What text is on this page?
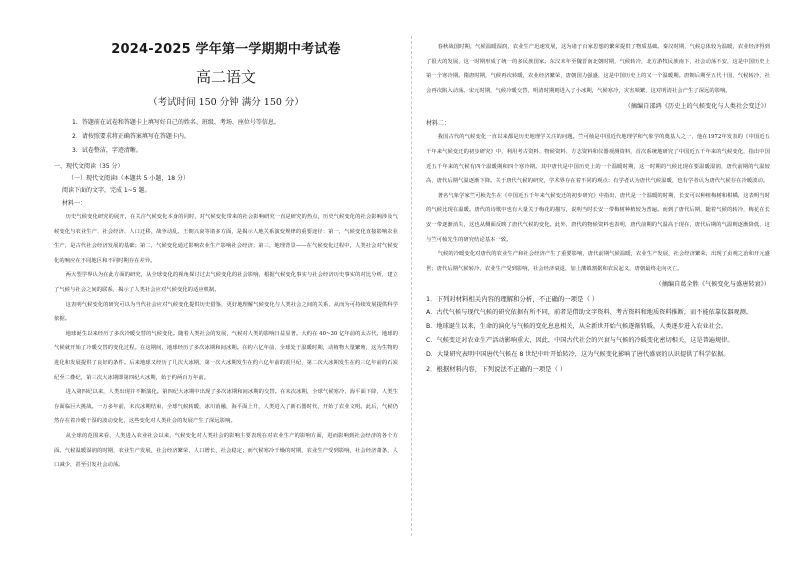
2024-2025 学年第一学期期中考试卷
高二语文
（考试时间 150 分钟 满分 150 分）
1．答题前在试卷和答题卡上填写好自己的姓名、班级、考场、座位号等信息。
2．请按照要求将正确答案填写在答题卡内。
3．试卷整洁，字迹清晰。
一、现代文阅读（35 分）
（一）现代文阅读Ⅰ（本题共 5 小题，18 分）
阅读下面的文字，完成 1~5 题。
材料一：

历史气候变化研究的展开，在关注气候变化本身的同时，对气候变化带来的社会影响研究一直是研究的热点，历史气候变化的社会影响涉及气候变化与农业生产、社会经济、人口迁移、战争动乱、王朝兴衰等诸多方面，是揭示人地关系演变规律的重要途径：第一，气候变化直接影响农业生产，是古代社会经济发展的基础；第二，气候变化通过影响农业生产影响社会经济；第三，地理背景——在气候变化过程中，人类社会对气候变化的响应在不同地区和不同时期存在差异。

两大型学界认为在此方面的研究，从全球变化的视角探讨过去气候变化的社会影响，根据气候变化事实与社会经济历史事实的对比分析，建立了气候与社会之间的联系，揭示了人类社会应对气候变化的适应机制。

这表明气候变化的研究可以为当代社会应对气候变化提供历史借鉴，更好地理解气候变化与人类社会之间的关系，从而为可持续发展提供科学依据。

地球诞生以来经历了多次冷暖交替的气候变化。随着人类社会的发展，气候对人类的影响日益显著。大约在 40~30 亿年前的太古代，地球的气候就开始了冷暖交替的变化过程。在这期间，地球经历了多次冰期和间冰期。在约六亿年前，全球处于温暖时期，动植物大量繁殖，这为生物的进化和发展提供了良好的条件。后来地球又经历了几次大冰期，第一次大冰期发生在约六亿年前的震旦纪，第二次大冰期发生在约三亿年前的石炭纪至二叠纪，第三次大冰期即第四纪大冰期，始于约两百万年前。

进入第四纪以来，人类出现并不断演化。第四纪大冰期中出现了多次冰期和间冰期的交替。在末次冰期，全球气候寒冷，海平面下降，人类生存面临巨大挑战。一万多年前，末次冰期结束，全球气候转暖，冰川消融，海平面上升，人类进入了新石器时代，开始了农业文明。此后，气候仍然存在着冷暖干湿的波动变化，这些变化对人类社会的发展产生了深远影响。

从全球的范围来看，人类进入农业社会以来，气候变化对人类社会的影响主要表现在对农业生产的影响方面，进而影响到社会经济的各个方面。气候温暖湿润的时期，农业生产发展，社会经济繁荣，人口增长，社会稳定；而气候寒冷干燥的时期，农业生产受到影响，社会经济萧条，人口减少，甚至引发社会动荡。

春秋战国时期，气候温暖湿润，农业生产迅速发展，这为诸子百家思想的繁荣提供了物质基础。秦汉时期，气候总体较为温暖，农业经济得到了很大的发展，这一时期形成了统一的多民族国家。东汉末年至魏晋南北朝时期，气候转冷，北方游牧民族南下，社会动荡不安，这是中国历史上第一个寒冷期。隋唐时期，气候再次转暖，农业经济繁荣，唐朝国力强盛，这是中国历史上的又一个温暖期。唐朝后期至五代十国，气候转冷，社会再次陷入动荡。宋元时期，气候冷暖交替，明清时期则进入了小冰期，气候寒冷，灾害频繁，这对明清社会产生了深远的影响。

（摘编自邵鸿《历史上的气候变化与人类社会变迁》）
材料二：

我国古代的气候变化一直以来都是历史地理学关注的问题。竺可桢是中国近代地理学和气象学的奠基人之一，他在1972年发表的《中国近五千年来气候变迁的初步研究》中，利用考古资料、物候资料、方志资料和仪器观测资料，首次系统地研究了中国近五千年来的气候变化，指出中国近五千年来的气候有四个温暖期和四个寒冷期。其中唐代是中国历史上的一个温暖时期，这一时期的气候比现在要温暖湿润，唐代前期的气温较高，唐代后期气温逐渐下降。关于唐代气候的研究，学术界存在着不同的观点：有学者认为唐代气候温暖，也有学者认为唐代气候存在冷暖波动。

著名气象学家竺可桢先生在《中国近五千年来气候变迁的初步研究》中指出，唐代是一个温暖的时期，长安可以种植梅树和柑橘，这表明当时的气候比现在温暖。唐代的诗歌中也有大量关于梅花的描写，说明当时长安一带梅树种植较为普遍。而到了唐代后期，随着气候的转冷，梅花在长安一带逐渐消失，这也从侧面反映了唐代气候的变化。此外，唐代的物候资料也表明，唐代前期的气温高于现在，唐代后期的气温则逐渐降低，这与竺可桢先生的研究结论基本一致。

气候的冷暖变化对唐代的农业生产和社会经济产生了重要影响，唐代前期气候温暖，农业生产发展，社会经济繁荣，出现了贞观之治和开元盛世；唐代后期气候转冷，农业生产受到影响，社会经济衰退，加上藩镇割据和农民起义，唐朝最终走向灭亡。

（摘编自葛全胜《气候变化与盛唐转衰》）

1．下列对材料相关内容的理解和分析，不正确的一项是（ ）

A．古代气候与现代气候的研究依据有所不同，前者是借助文字资料、考古资料和地质资料推断，而不能依靠仪器观测。

B．地球诞生以来，生命的演化与气候的变化息息相关，从全新世开始气候逐渐转暖，人类逐步进入农业社会。

C．气候变迁对农业生产活动影响重大，因此，中国古代社会的兴衰与气候的冷暖变化密切相关，这是普遍规律。

D．大量研究表明中国唐代气候在 8 世纪中叶开始转冷，这为气候变化影响了唐代盛衰的认识提供了科学依据。

2．根据材料内容，下列说法不正确的一项是（ ）
